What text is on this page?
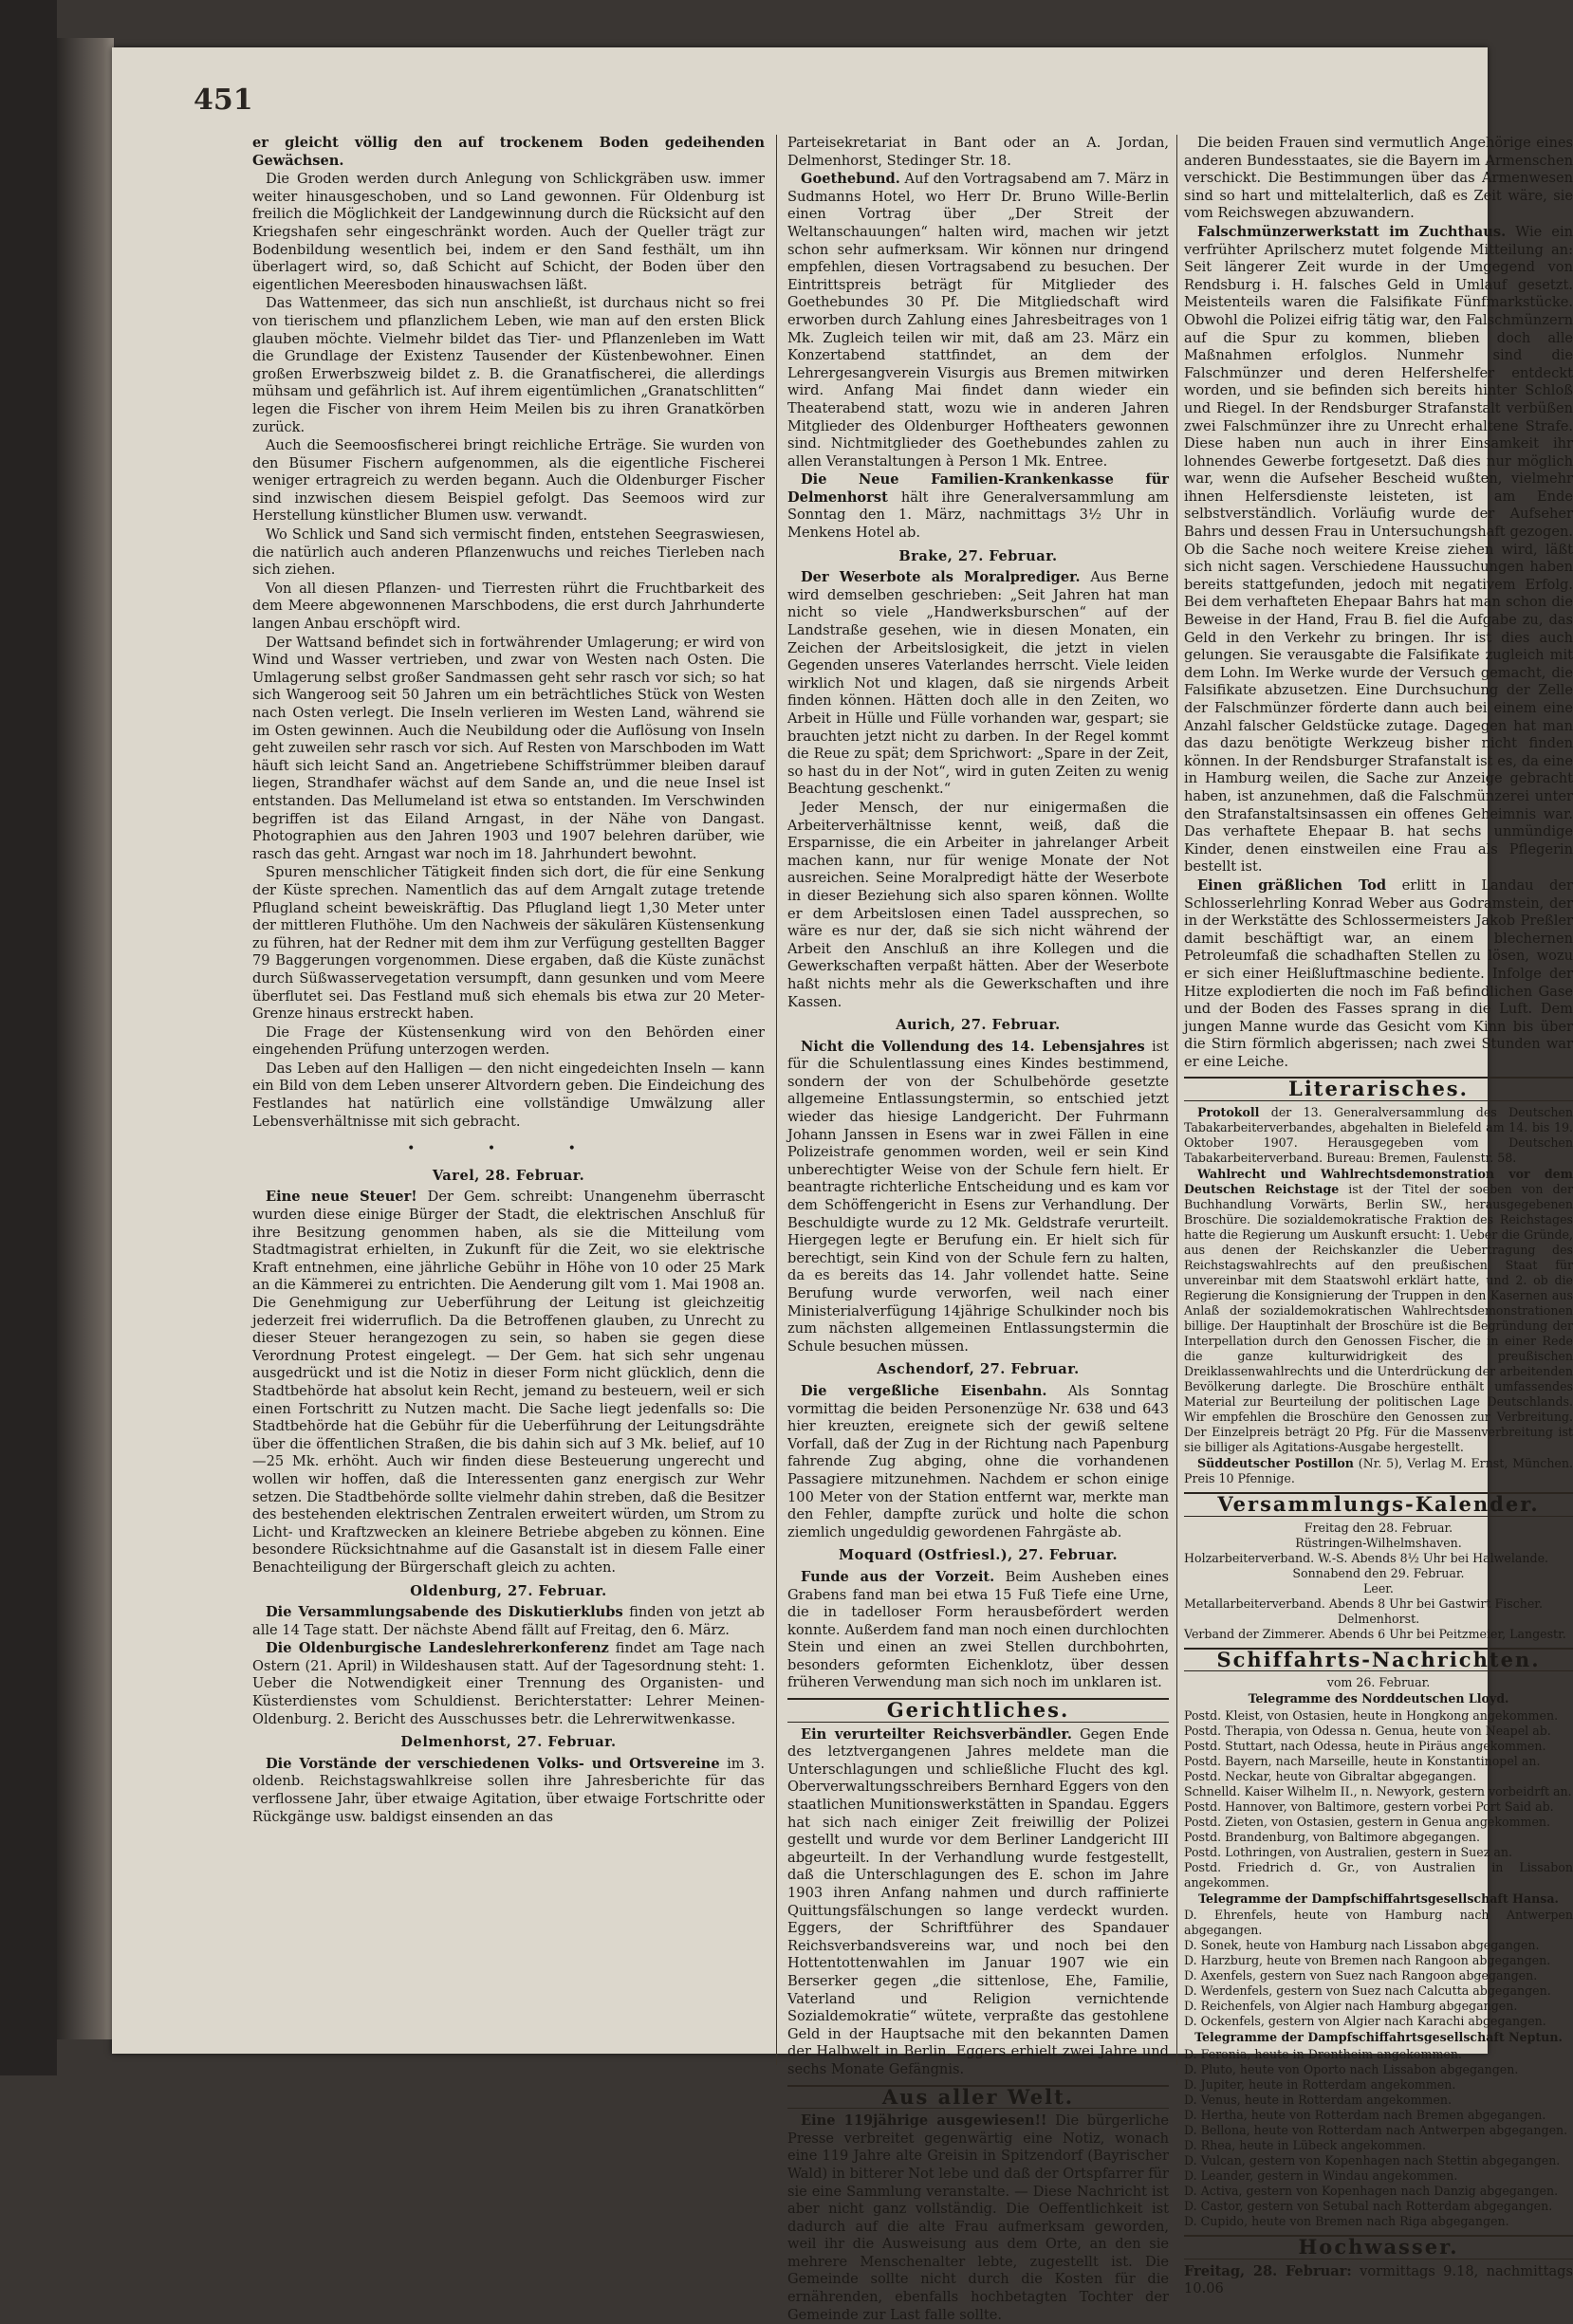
451

er gleicht völlig den auf trockenem Boden gedeihenden Gewächsen.

Die Groden werden durch Anlegung von Schlickgräben usw. immer weiter hinausgeschoben, und so Land gewonnen. Für Oldenburg ist freilich die Möglichkeit der Landgewinnung durch die Rücksicht auf den Kriegshafen sehr eingeschränkt worden. Auch der Queller trägt zur Bodenbildung wesentlich bei, indem er den Sand festhält, um ihn überlagert wird, so, daß Schicht auf Schicht, der Boden über den eigentlichen Meeresboden hinauswachsen läßt.

Das Wattenmeer, das sich nun anschließt, ist durchaus nicht so frei von tierischem und pflanzlichem Leben, wie man auf den ersten Blick glauben möchte. Vielmehr bildet das Tier- und Pflanzenleben im Watt die Grundlage der Existenz Tausender der Küstenbewohner. Einen großen Erwerbszweig bildet z. B. die Granatfischerei, die allerdings mühsam und gefährlich ist. Auf ihrem eigentümlichen „Granatschlitten“ legen die Fischer von ihrem Heim Meilen bis zu ihren Granatkörben zurück.

Auch die Seemoosfischerei bringt reichliche Erträge. Sie wurden von den Büsumer Fischern aufgenommen, als die eigentliche Fischerei weniger ertragreich zu werden begann. Auch die Oldenburger Fischer sind inzwischen diesem Beispiel gefolgt. Das Seemoos wird zur Herstellung künstlicher Blumen usw. verwandt.

Wo Schlick und Sand sich vermischt finden, entstehen Seegraswiesen, die natürlich auch anderen Pflanzenwuchs und reiches Tierleben nach sich ziehen.

Von all diesen Pflanzen- und Tierresten rührt die Fruchtbarkeit des dem Meere abgewonnenen Marschbodens, die erst durch Jahrhunderte langen Anbau erschöpft wird.

Der Wattsand befindet sich in fortwährender Umlagerung; er wird von Wind und Wasser vertrieben, und zwar von Westen nach Osten. Die Umlagerung selbst großer Sandmassen geht sehr rasch vor sich; so hat sich Wangeroog seit 50 Jahren um ein beträchtliches Stück von Westen nach Osten verlegt. Die Inseln verlieren im Westen Land, während sie im Osten gewinnen. Auch die Neubildung oder die Auflösung von Inseln geht zuweilen sehr rasch vor sich. Auf Resten von Marschboden im Watt häuft sich leicht Sand an. Angetriebene Schiffstrümmer bleiben darauf liegen, Strandhafer wächst auf dem Sande an, und die neue Insel ist entstanden. Das Mellumeland ist etwa so entstanden. Im Verschwinden begriffen ist das Eiland Arngast, in der Nähe von Dangast. Photographien aus den Jahren 1903 und 1907 belehren darüber, wie rasch das geht. Arngast war noch im 18. Jahrhundert bewohnt.

Spuren menschlicher Tätigkeit finden sich dort, die für eine Senkung der Küste sprechen. Namentlich das auf dem Arngalt zutage tretende Pflugland scheint beweiskräftig. Das Pflugland liegt 1,30 Meter unter der mittleren Fluthöhe. Um den Nachweis der säkulären Küstensenkung zu führen, hat der Redner mit dem ihm zur Verfügung gestellten Bagger 79 Baggerungen vorgenommen. Diese ergaben, daß die Küste zunächst durch Süßwasservegetation versumpft, dann gesunken und vom Meere überflutet sei. Das Festland muß sich ehemals bis etwa zur 20 Meter-Grenze hinaus erstreckt haben.

Die Frage der Küstensenkung wird von den Behörden einer eingehenden Prüfung unterzogen werden.

Das Leben auf den Halligen — den nicht eingedeichten Inseln — kann ein Bild von dem Leben unserer Altvordern geben. Die Eindeichung des Festlandes hat natürlich eine vollständige Umwälzung aller Lebensverhältnisse mit sich gebracht.

• • •
Varel, 28. Februar.

Eine neue Steuer! Der Gem. schreibt: Unangenehm überrascht wurden diese einige Bürger der Stadt, die elektrischen Anschluß für ihre Besitzung genommen haben, als sie die Mitteilung vom Stadtmagistrat erhielten, in Zukunft für die Zeit, wo sie elektrische Kraft entnehmen, eine jährliche Gebühr in Höhe von 10 oder 25 Mark an die Kämmerei zu entrichten. Die Aenderung gilt vom 1. Mai 1908 an. Die Genehmigung zur Ueberführung der Leitung ist gleichzeitig jederzeit frei widerruflich. Da die Betroffenen glauben, zu Unrecht zu dieser Steuer herangezogen zu sein, so haben sie gegen diese Verordnung Protest eingelegt. — Der Gem. hat sich sehr ungenau ausgedrückt und ist die Notiz in dieser Form nicht glücklich, denn die Stadtbehörde hat absolut kein Recht, jemand zu besteuern, weil er sich einen Fortschritt zu Nutzen macht. Die Sache liegt jedenfalls so: Die Stadtbehörde hat die Gebühr für die Ueberführung der Leitungsdrähte über die öffentlichen Straßen, die bis dahin sich auf 3 Mk. belief, auf 10—25 Mk. erhöht. Auch wir finden diese Besteuerung ungerecht und wollen wir hoffen, daß die Interessenten ganz energisch zur Wehr setzen. Die Stadtbehörde sollte vielmehr dahin streben, daß die Besitzer des bestehenden elektrischen Zentralen erweitert würden, um Strom zu Licht- und Kraftzwecken an kleinere Betriebe abgeben zu können. Eine besondere Rücksichtnahme auf die Gasanstalt ist in diesem Falle einer Benachteiligung der Bürgerschaft gleich zu achten.

Oldenburg, 27. Februar.

Die Versammlungsabende des Diskutierklubs finden von jetzt ab alle 14 Tage statt. Der nächste Abend fällt auf Freitag, den 6. März.

Die Oldenburgische Landeslehrerkonferenz findet am Tage nach Ostern (21. April) in Wildeshausen statt. Auf der Tagesordnung steht: 1. Ueber die Notwendigkeit einer Trennung des Organisten- und Küsterdienstes vom Schuldienst. Berichterstatter: Lehrer Meinen-Oldenburg. 2. Bericht des Ausschusses betr. die Lehrerwitwenkasse.

Delmenhorst, 27. Februar.

Die Vorstände der verschiedenen Volks- und Ortsvereine im 3. oldenb. Reichstagswahlkreise sollen ihre Jahresberichte für das verflossene Jahr, über etwaige Agitation, über etwaige Fortschritte oder Rückgänge usw. baldigst einsenden an das

Parteisekretariat in Bant oder an A. Jordan, Delmenhorst, Stedinger Str. 18.

Goethebund. Auf den Vortragsabend am 7. März in Sudmanns Hotel, wo Herr Dr. Bruno Wille-Berlin einen Vortrag über „Der Streit der Weltanschauungen“ halten wird, machen wir jetzt schon sehr aufmerksam. Wir können nur dringend empfehlen, diesen Vortragsabend zu besuchen. Der Eintrittspreis beträgt für Mitglieder des Goethebundes 30 Pf. Die Mitgliedschaft wird erworben durch Zahlung eines Jahresbeitrages von 1 Mk. Zugleich teilen wir mit, daß am 23. März ein Konzertabend stattfindet, an dem der Lehrergesangverein Visurgis aus Bremen mitwirken wird. Anfang Mai findet dann wieder ein Theaterabend statt, wozu wie in anderen Jahren Mitglieder des Oldenburger Hoftheaters gewonnen sind. Nichtmitglieder des Goethebundes zahlen zu allen Veranstaltungen à Person 1 Mk. Entree.

Die Neue Familien-Krankenkasse für Delmenhorst hält ihre Generalversammlung am Sonntag den 1. März, nachmittags 3½ Uhr in Menkens Hotel ab.

Brake, 27. Februar.

Der Weserbote als Moralprediger. Aus Berne wird demselben geschrieben: „Seit Jahren hat man nicht so viele „Handwerksburschen“ auf der Landstraße gesehen, wie in diesen Monaten, ein Zeichen der Arbeitslosigkeit, die jetzt in vielen Gegenden unseres Vaterlandes herrscht. Viele leiden wirklich Not und klagen, daß sie nirgends Arbeit finden können. Hätten doch alle in den Zeiten, wo Arbeit in Hülle und Fülle vorhanden war, gespart; sie brauchten jetzt nicht zu darben. In der Regel kommt die Reue zu spät; dem Sprichwort: „Spare in der Zeit, so hast du in der Not“, wird in guten Zeiten zu wenig Beachtung geschenkt.“

Jeder Mensch, der nur einigermaßen die Arbeiterverhältnisse kennt, weiß, daß die Ersparnisse, die ein Arbeiter in jahrelanger Arbeit machen kann, nur für wenige Monate der Not ausreichen. Seine Moralpredigt hätte der Weserbote in dieser Beziehung sich also sparen können. Wollte er dem Arbeitslosen einen Tadel aussprechen, so wäre es nur der, daß sie sich nicht während der Arbeit den Anschluß an ihre Kollegen und die Gewerkschaften verpaßt hätten. Aber der Weserbote haßt nichts mehr als die Gewerkschaften und ihre Kassen.

Aurich, 27. Februar.

Nicht die Vollendung des 14. Lebensjahres ist für die Schulentlassung eines Kindes bestimmend, sondern der von der Schulbehörde gesetzte allgemeine Entlassungstermin, so entschied jetzt wieder das hiesige Landgericht. Der Fuhrmann Johann Janssen in Esens war in zwei Fällen in eine Polizeistrafe genommen worden, weil er sein Kind unberechtigter Weise von der Schule fern hielt. Er beantragte richterliche Entscheidung und es kam vor dem Schöffengericht in Esens zur Verhandlung. Der Beschuldigte wurde zu 12 Mk. Geldstrafe verurteilt. Hiergegen legte er Berufung ein. Er hielt sich für berechtigt, sein Kind von der Schule fern zu halten, da es bereits das 14. Jahr vollendet hatte. Seine Berufung wurde verworfen, weil nach einer Ministerialverfügung 14jährige Schulkinder noch bis zum nächsten allgemeinen Entlassungstermin die Schule besuchen müssen.

Aschendorf, 27. Februar.

Die vergeßliche Eisenbahn. Als Sonntag vormittag die beiden Personenzüge Nr. 638 und 643 hier kreuzten, ereignete sich der gewiß seltene Vorfall, daß der Zug in der Richtung nach Papenburg fahrende Zug abging, ohne die vorhandenen Passagiere mitzunehmen. Nachdem er schon einige 100 Meter von der Station entfernt war, merkte man den Fehler, dampfte zurück und holte die schon ziemlich ungeduldig gewordenen Fahrgäste ab.

Moquard (Ostfriesl.), 27. Februar.

Funde aus der Vorzeit. Beim Ausheben eines Grabens fand man bei etwa 15 Fuß Tiefe eine Urne, die in tadelloser Form herausbefördert werden konnte. Außerdem fand man noch einen durchlochten Stein und einen an zwei Stellen durchbohrten, besonders geformten Eichenklotz, über dessen früheren Verwendung man sich noch im unklaren ist.

Gerichtliches.

Ein verurteilter Reichsverbändler. Gegen Ende des letztvergangenen Jahres meldete man die Unterschlagungen und schließliche Flucht des kgl. Oberverwaltungsschreibers Bernhard Eggers von den staatlichen Munitionswerkstätten in Spandau. Eggers hat sich nach einiger Zeit freiwillig der Polizei gestellt und wurde vor dem Berliner Landgericht III abgeurteilt. In der Verhandlung wurde festgestellt, daß die Unterschlagungen des E. schon im Jahre 1903 ihren Anfang nahmen und durch raffinierte Quittungsfälschungen so lange verdeckt wurden. Eggers, der Schriftführer des Spandauer Reichsverbandsvereins war, und noch bei den Hottentottenwahlen im Januar 1907 wie ein Berserker gegen „die sittenlose, Ehe, Familie, Vaterland und Religion vernichtende Sozialdemokratie“ wütete, verpraßte das gestohlene Geld in der Hauptsache mit den bekannten Damen der Halbwelt in Berlin. Eggers erhielt zwei Jahre und sechs Monate Gefängnis.

Aus aller Welt.

Eine 119jährige ausgewiesen!! Die bürgerliche Presse verbreitet gegenwärtig eine Notiz, wonach eine 119 Jahre alte Greisin in Spitzendorf (Bayrischer Wald) in bitterer Not lebe und daß der Ortspfarrer für sie eine Sammlung veranstalte. — Diese Nachricht ist aber nicht ganz vollständig. Die Oeffentlichkeit ist dadurch auf die alte Frau aufmerksam geworden, weil ihr die Ausweisung aus dem Orte, an den sie mehrere Menschenalter lebte, zugestellt ist. Die Gemeinde sollte nicht durch die Kosten für die ernährenden, ebenfalls hochbetagten Tochter der Gemeinde zur Last falle sollte.

Die beiden Frauen sind vermutlich Angehörige eines anderen Bundesstaates, sie die Bayern im Armenschen verschickt. Die Bestimmungen über das Armenwesen sind so hart und mittelalterlich, daß es Zeit wäre, sie vom Reichswegen abzuwandern.

Falschmünzerwerkstatt im Zuchthaus. Wie ein verfrühter Aprilscherz mutet folgende Mitteilung an: Seit längerer Zeit wurde in der Umgegend von Rendsburg i. H. falsches Geld in Umlauf gesetzt. Meistenteils waren die Falsifikate Fünfmarkstücke. Obwohl die Polizei eifrig tätig war, den Falschmünzern auf die Spur zu kommen, blieben doch alle Maßnahmen erfolglos. Nunmehr sind die Falschmünzer und deren Helfershelfer entdeckt worden, und sie befinden sich bereits hinter Schloß und Riegel. In der Rendsburger Strafanstalt verbüßen zwei Falschmünzer ihre zu Unrecht erhaltene Strafe. Diese haben nun auch in ihrer Einsamkeit ihr lohnendes Gewerbe fortgesetzt. Daß dies nur möglich war, wenn die Aufseher Bescheid wußten, vielmehr ihnen Helfersdienste leisteten, ist am Ende selbstverständlich. Vorläufig wurde der Aufseher Bahrs und dessen Frau in Untersuchungshaft gezogen. Ob die Sache noch weitere Kreise ziehen wird, läßt sich nicht sagen. Verschiedene Haussuchungen haben bereits stattgefunden, jedoch mit negativem Erfolg. Bei dem verhafteten Ehepaar Bahrs hat man schon die Beweise in der Hand, Frau B. fiel die Aufgabe zu, das Geld in den Verkehr zu bringen. Ihr ist dies auch gelungen. Sie verausgabte die Falsifikate zugleich mit dem Lohn. Im Werke wurde der Versuch gemacht, die Falsifikate abzusetzen. Eine Durchsuchung der Zelle der Falschmünzer förderte dann auch bei einem eine Anzahl falscher Geldstücke zutage. Dagegen hat man das dazu benötigte Werkzeug bisher nicht finden können. In der Rendsburger Strafanstalt ist es, da eine in Hamburg weilen, die Sache zur Anzeige gebracht haben, ist anzunehmen, daß die Falschmünzerei unter den Strafanstaltsinsassen ein offenes Geheimnis war. Das verhaftete Ehepaar B. hat sechs unmündige Kinder, denen einstweilen eine Frau als Pflegerin bestellt ist.

Einen gräßlichen Tod erlitt in Landau der Schlosserlehrling Konrad Weber aus Godramstein, der in der Werkstätte des Schlossermeisters Jakob Preßler damit beschäftigt war, an einem blechernen Petroleumfaß die schadhaften Stellen zu lösen, wozu er sich einer Heißluftmaschine bediente. Infolge der Hitze explodierten die noch im Faß befindlichen Gase und der Boden des Fasses sprang in die Luft. Dem jungen Manne wurde das Gesicht vom Kinn bis über die Stirn förmlich abgerissen; nach zwei Stunden war er eine Leiche.

Literarisches.

Protokoll der 13. Generalversammlung des Deutschen Tabakarbeiterverbandes, abgehalten in Bielefeld am 14. bis 19. Oktober 1907. Herausgegeben vom Deutschen Tabakarbeiterverband. Bureau: Bremen, Faulenstr. 58.

Wahlrecht und Wahlrechtsdemonstration vor dem Deutschen Reichstage ist der Titel der soeben von der Buchhandlung Vorwärts, Berlin SW., herausgegebenen Broschüre. Die sozialdemokratische Fraktion des Reichstages hatte die Regierung um Auskunft ersucht: 1. Ueber die Gründe, aus denen der Reichskanzler die Uebertragung des Reichstagswahlrechts auf den preußischen Staat für unvereinbar mit dem Staatswohl erklärt hatte, und 2. ob die Regierung die Konsignierung der Truppen in den Kasernen aus Anlaß der sozialdemokratischen Wahlrechtsdemonstrationen billige. Der Hauptinhalt der Broschüre ist die Begründung der Interpellation durch den Genossen Fischer, die in einer Rede die ganze kulturwidrigkeit des preußischen Dreiklassenwahlrechts und die Unterdrückung der arbeitenden Bevölkerung darlegte. Die Broschüre enthält umfassendes Material zur Beurteilung der politischen Lage Deutschlands. Wir empfehlen die Broschüre den Genossen zur Verbreitung. Der Einzelpreis beträgt 20 Pfg. Für die Massenverbreitung ist sie billiger als Agitations-Ausgabe hergestellt.

Süddeutscher Postillon (Nr. 5), Verlag M. Ernst, München. Preis 10 Pfennige.

Versammlungs-Kalender.
Freitag den 28. Februar.
Rüstringen-Wilhelmshaven.
Holzarbeiterverband. W.-S. Abends 8½ Uhr bei Halwelande.
Sonnabend den 29. Februar.
Leer.
Metallarbeiterverband. Abends 8 Uhr bei Gastwirt Fischer.
Delmenhorst.
Verband der Zimmerer. Abends 6 Uhr bei Peitzmeier, Langestr.
Schiffahrts-Nachrichten.
vom 26. Februar.
Telegramme des Norddeutschen Lloyd.
Postd. Kleist, von Ostasien, heute in Hongkong angekommen.
Postd. Therapia, von Odessa n. Genua, heute von Neapel ab.
Postd. Stuttart, nach Odessa, heute in Piräus angekommen.
Postd. Bayern, nach Marseille, heute in Konstantinopel an.
Postd. Neckar, heute von Gibraltar abgegangen.
Schnelld. Kaiser Wilhelm II., n. Newyork, gestern vorbeidrft an.
Postd. Hannover, von Baltimore, gestern vorbei Port Said ab.
Postd. Zieten, von Ostasien, gestern in Genua angekommen.
Postd. Brandenburg, von Baltimore abgegangen.
Postd. Lothringen, von Australien, gestern in Suez an.
Postd. Friedrich d. Gr., von Australien in Lissabon angekommen.
Telegramme der Dampfschiffahrtsgesellschaft Hansa.
D. Ehrenfels, heute von Hamburg nach Antwerpen abgegangen.
D. Sonek, heute von Hamburg nach Lissabon abgegangen.
D. Harzburg, heute von Bremen nach Rangoon abgegangen.
D. Axenfels, gestern von Suez nach Rangoon abgegangen.
D. Werdenfels, gestern von Suez nach Calcutta abgegangen.
D. Reichenfels, von Algier nach Hamburg abgegangen.
D. Ockenfels, gestern von Algier nach Karachi abgegangen.
Telegramme der Dampfschiffahrtsgesellschaft Neptun.
D. Feronia, heute in Drontheim angekommen.
D. Pluto, heute von Oporto nach Lissabon abgegangen.
D. Jupiter, heute in Rotterdam angekommen.
D. Venus, heute in Rotterdam angekommen.
D. Hertha, heute von Rotterdam nach Bremen abgegangen.
D. Bellona, heute von Rotterdam nach Antwerpen abgegangen.
D. Rhea, heute in Lübeck angekommen.
D. Vulcan, gestern von Kopenhagen nach Stettin abgegangen.
D. Leander, gestern in Windau angekommen.
D. Activa, gestern von Kopenhagen nach Danzig abgegangen.
D. Castor, gestern von Setubal nach Rotterdam abgegangen.
D. Cupido, heute von Bremen nach Riga abgegangen.
Hochwasser.
Freitag, 28. Februar: vormittags 9.18, nachmittags 10.06
